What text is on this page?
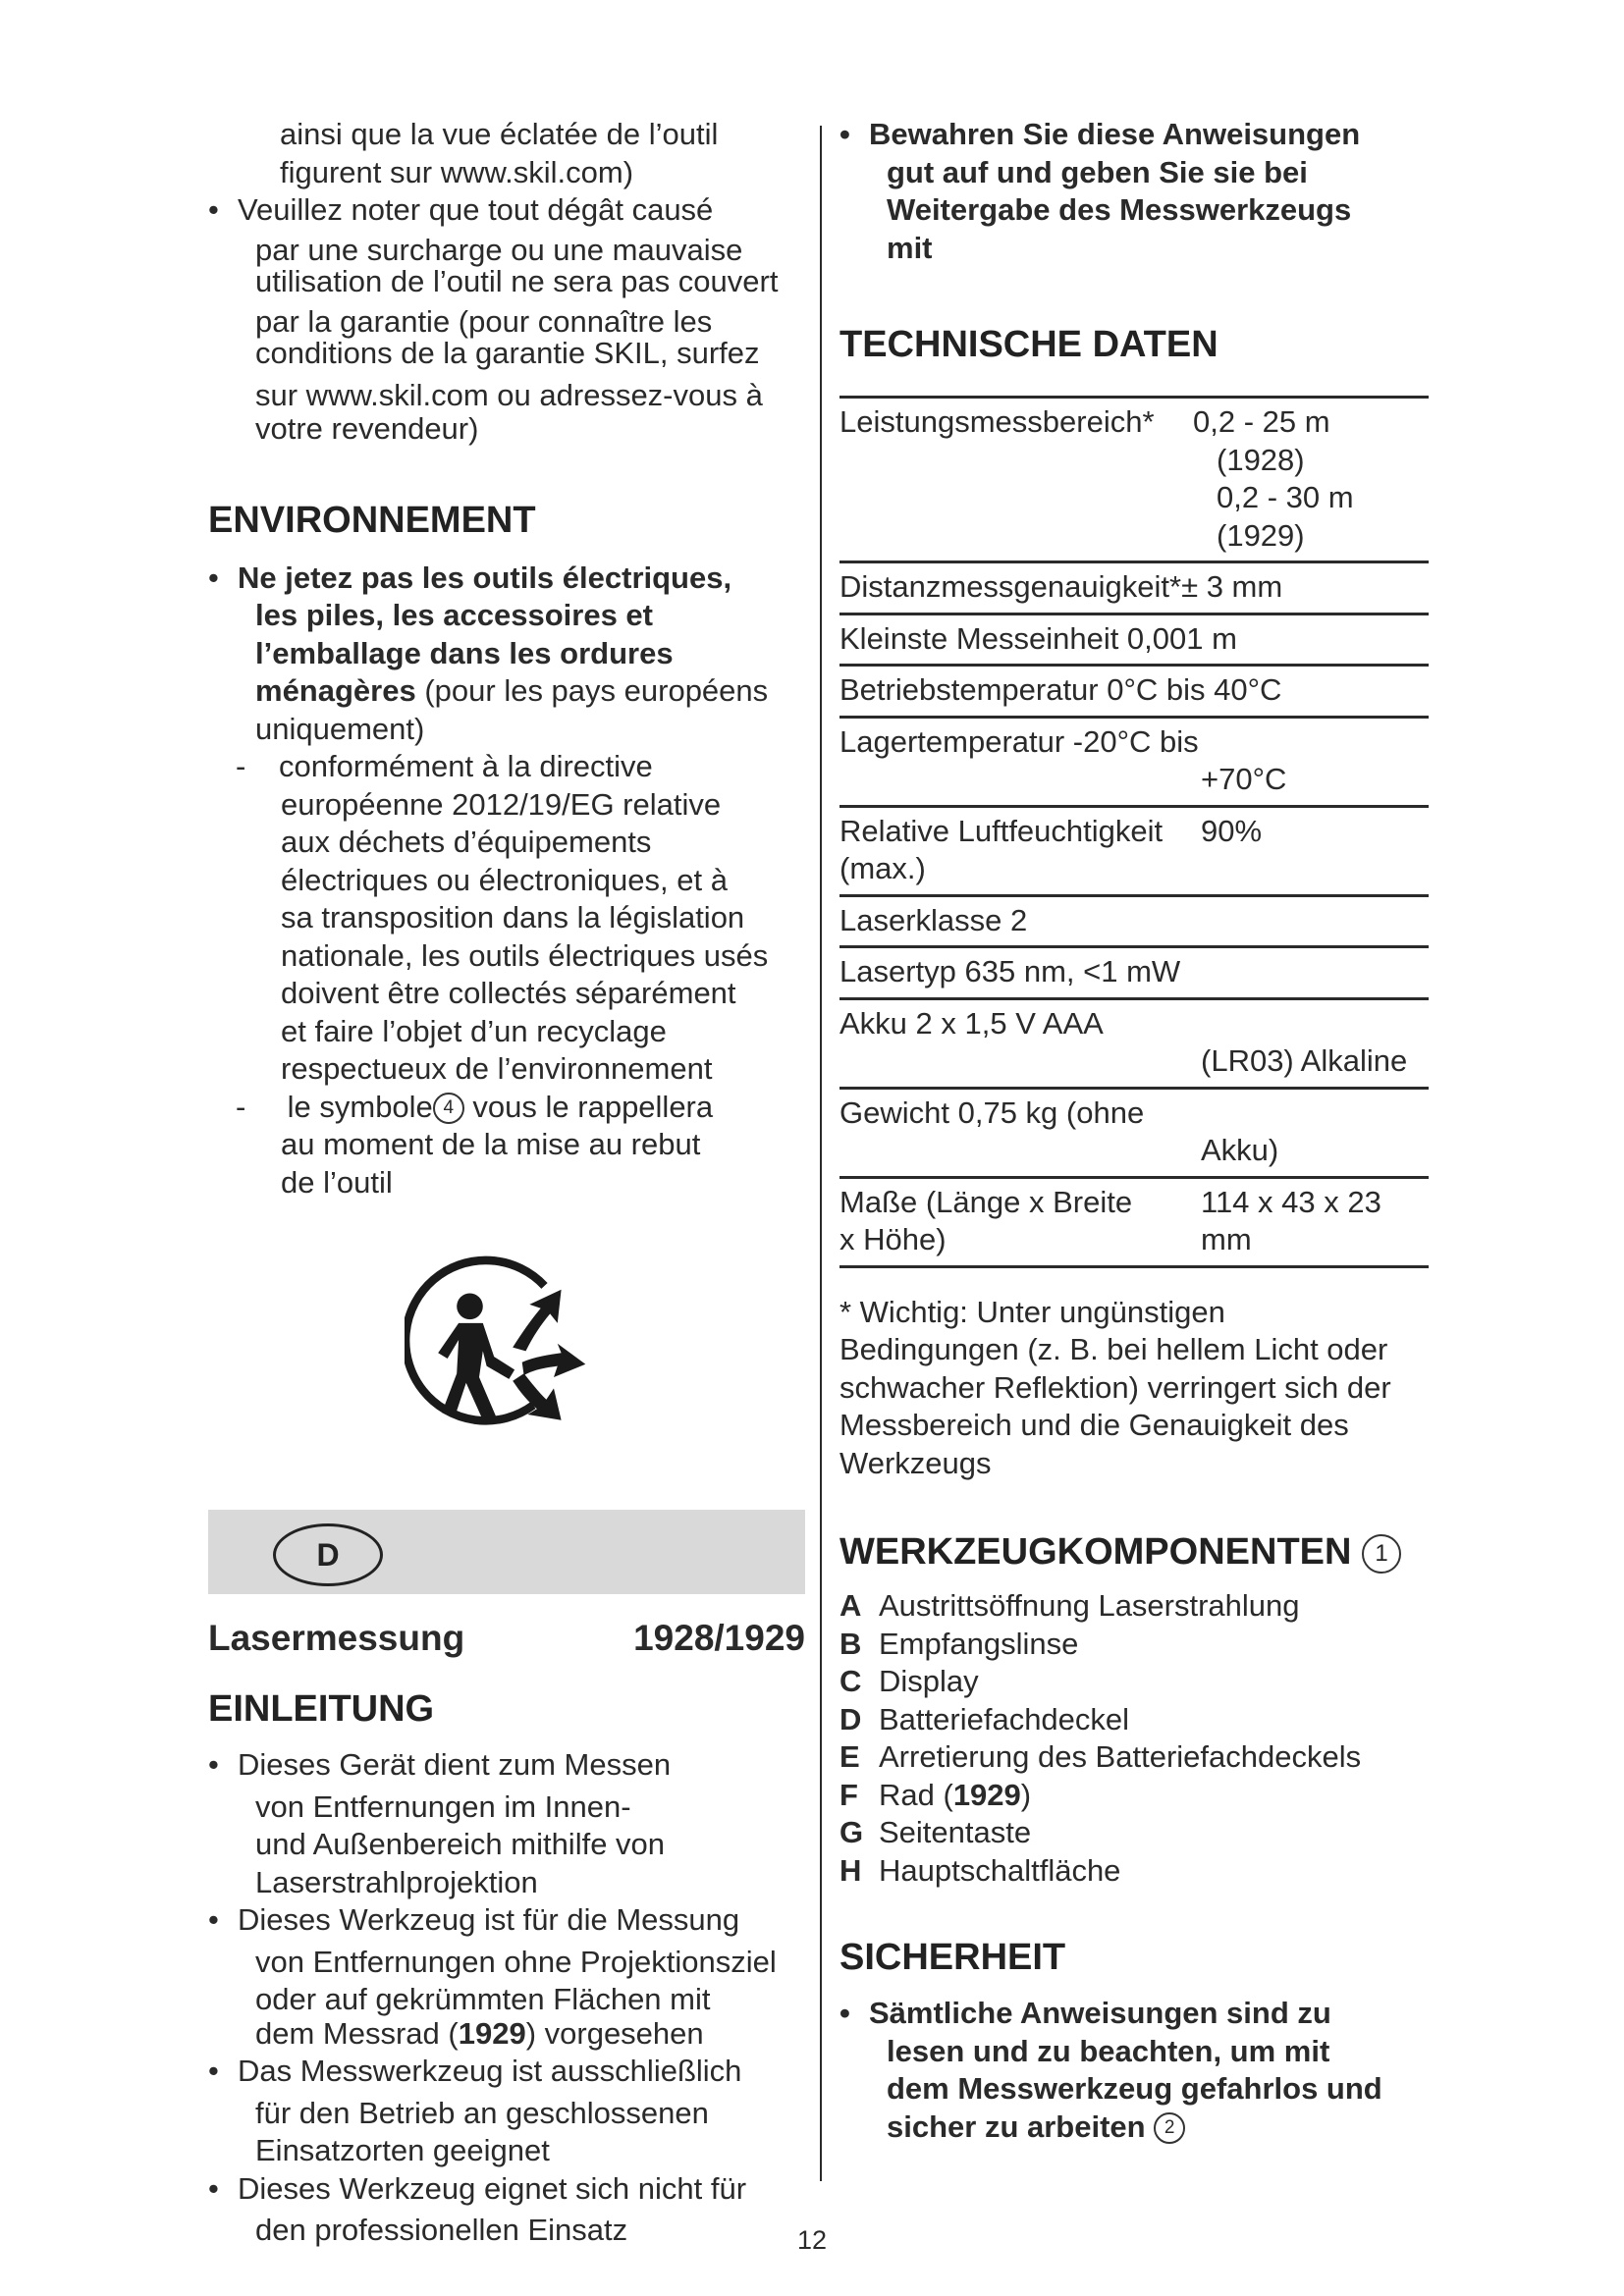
ainsi que la vue éclatée de l’outil

figurent sur www.skil.com)

• Veuillez noter que tout dégât causé
par une surcharge ou une mauvaise
utilisation de l’outil ne sera pas couvert
par la garantie (pour connaître les
conditions de la garantie SKIL, surfez
sur www.skil.com ou adressez-vous à
votre revendeur)
ENVIRONNEMENT
• Ne jetez pas les outils électriques,
les piles, les accessoires et
l’emballage dans les ordures
ménagères (pour les pays européens
uniquement)
- conformément à la directive
européenne 2012/19/EG relative
aux déchets d’équipements
électriques ou électroniques, et à
sa transposition dans la législation
nationale, les outils électriques usés
doivent être collectés séparément
et faire l’objet d’un recyclage
respectueux de l’environnement
- le symbole 4 vous le rappellera
au moment de la mise au rebut
de l’outil
D
Lasermessung	1928/1929
EINLEITUNG
• Dieses Gerät dient zum Messen
von Entfernungen im Innen-
und Außenbereich mithilfe von
Laserstrahlprojektion
• Dieses Werkzeug ist für die Messung
von Entfernungen ohne Projektionsziel
oder auf gekrümmten Flächen mit
dem Messrad (1929) vorgesehen
• Das Messwerkzeug ist ausschließlich
für den Betrieb an geschlossenen
Einsatzorten geeignet
• Dieses Werkzeug eignet sich nicht für
den professionellen Einsatz
• Bewahren Sie diese Anweisungen
gut auf und geben Sie sie bei
Weitergabe des Messwerkzeugs
mit
TECHNISCHE DATEN
Leistungsmessbereich*	0,2 - 25 m
(1928)
0,2 - 30 m
(1929)
Distanzmessgenauigkeit*± 3 mm
Kleinste Messeinheit 0,001 m
Betriebstemperatur 0°C bis 40°C
Lagertemperatur -20°C bis
+70°C
Relative Luftfeuchtigkeit
(max.)
90%
Laserklasse 2
Lasertyp 635 nm, <1 mW
Akku 2 x 1,5 V AAA
(LR03) Alkaline
Gewicht 0,75 kg (ohne
Akku)
Maße (Länge x Breite
x Höhe)
114 x 43 x 23
mm

* Wichtig: Unter ungünstigen

Bedingungen (z. B. bei hellem Licht oder

schwacher Reflektion) verringert sich der

Messbereich und die Genauigkeit des

Werkzeugs

WERKZEUGKOMPONENTEN 1

A Austrittsöffnung Laserstrahlung

B Empfangslinse

C Display

D Batteriefachdeckel

E Arretierung des Batteriefachdeckels

F Rad (1929)

G Seitentaste

H Hauptschaltfläche

SICHERHEIT
• Sämtliche Anweisungen sind zu
lesen und zu beachten, um mit
dem Messwerkzeug gefahrlos und
sicher zu arbeiten 2
12
